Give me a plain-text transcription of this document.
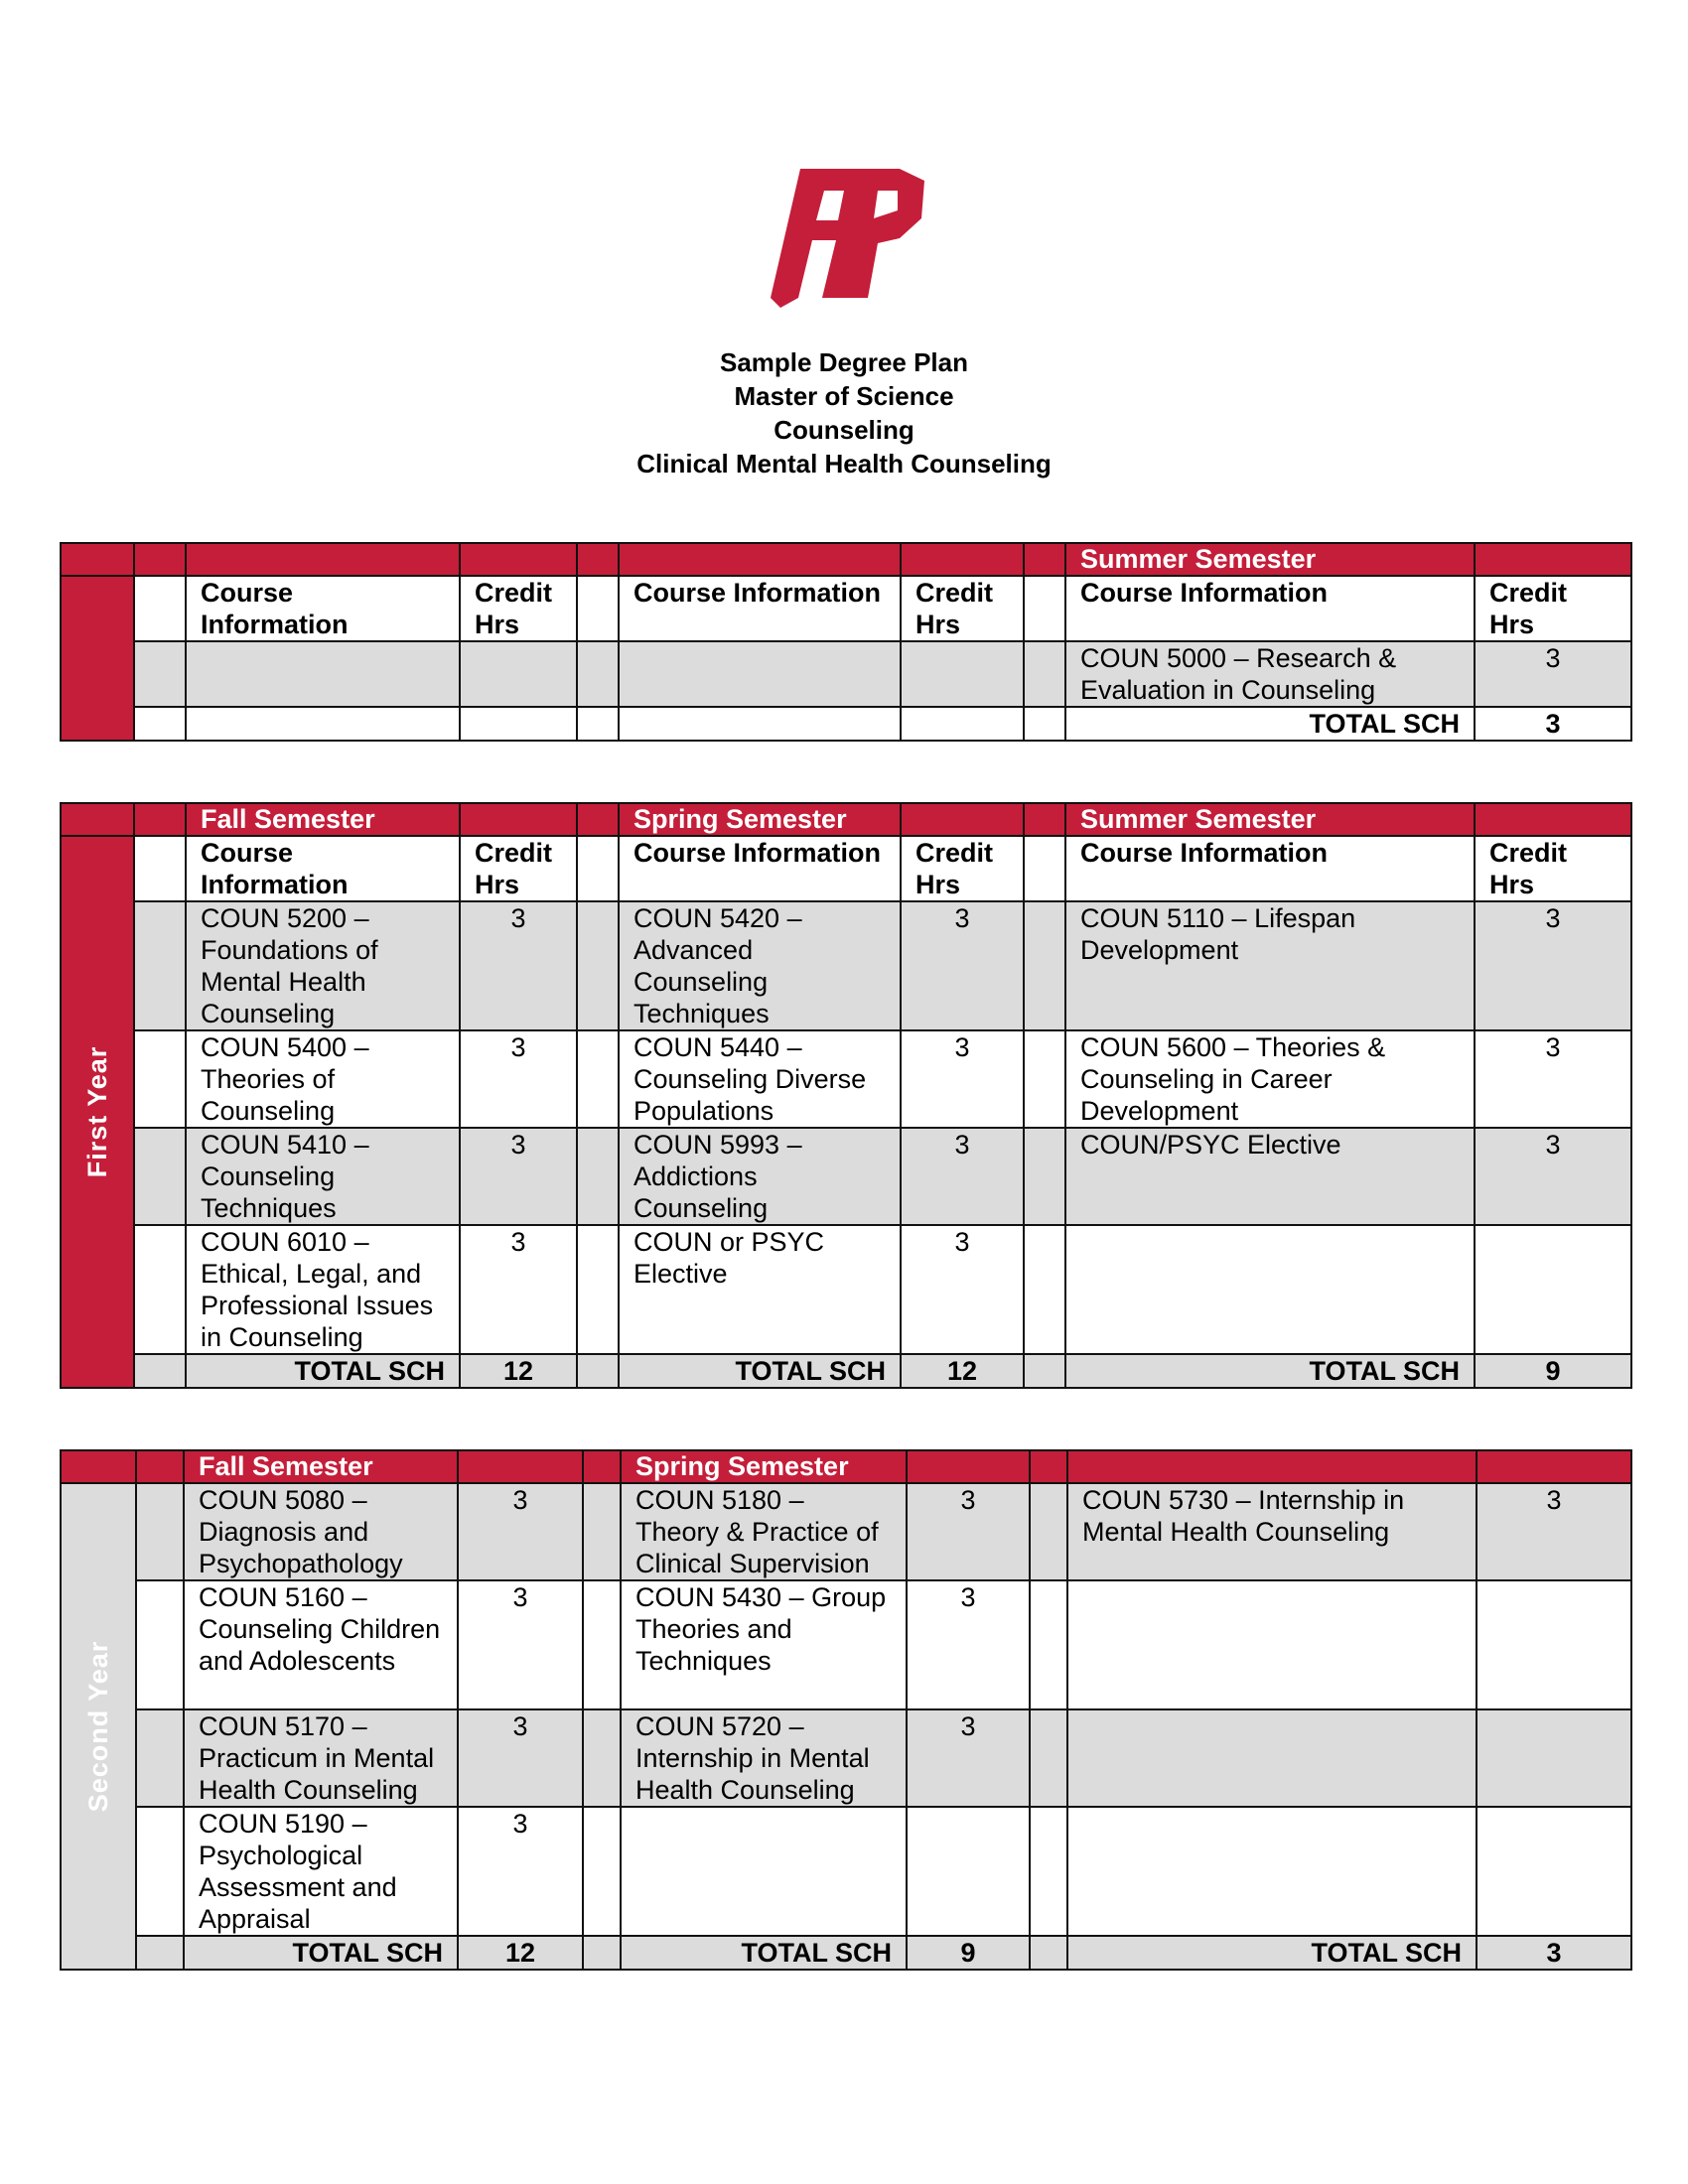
Sample Degree Plan
Master of Science
Counseling
Clinical Mental Health Counseling
								Summer Semester	
		Course Information	Credit Hrs		Course Information	Credit Hrs		Course Information	Credit Hrs
								COUN 5000 – Research & Evaluation in Counseling	3
								TOTAL SCH	3
		Fall Semester			Spring Semester			Summer Semester	

First Year		Course Information	Credit Hrs		Course Information	Credit Hrs		Course Information	Credit Hrs
		COUN 5200 – Foundations of Mental Health Counseling	3		COUN 5420 – Advanced Counseling Techniques	3		COUN 5110 – Lifespan Development	3
		COUN 5400 – Theories of Counseling	3		COUN 5440 – Counseling Diverse Populations	3		COUN 5600 – Theories & Counseling in Career Development	3
		COUN 5410 – Counseling Techniques	3		COUN 5993 – Addictions Counseling	3		COUN/PSYC Elective	3
		COUN 6010 – Ethical, Legal, and Professional Issues in Counseling	3		COUN or PSYC Elective	3			
		TOTAL SCH	12		TOTAL SCH	12		TOTAL SCH	9
		Fall Semester			Spring Semester				

Second Year		COUN 5080 – Diagnosis and Psychopathology	3		COUN 5180 – Theory & Practice of Clinical Supervision	3		COUN 5730 – Internship in Mental Health Counseling	3
		COUN 5160 – Counseling Children and Adolescents	3		COUN 5430 – Group Theories and Techniques	3			
		COUN 5170 – Practicum in Mental Health Counseling	3		COUN 5720 – Internship in Mental Health Counseling	3			
		COUN 5190 – Psychological Assessment and Appraisal	3						
		TOTAL SCH	12		TOTAL SCH	9		TOTAL SCH	3
